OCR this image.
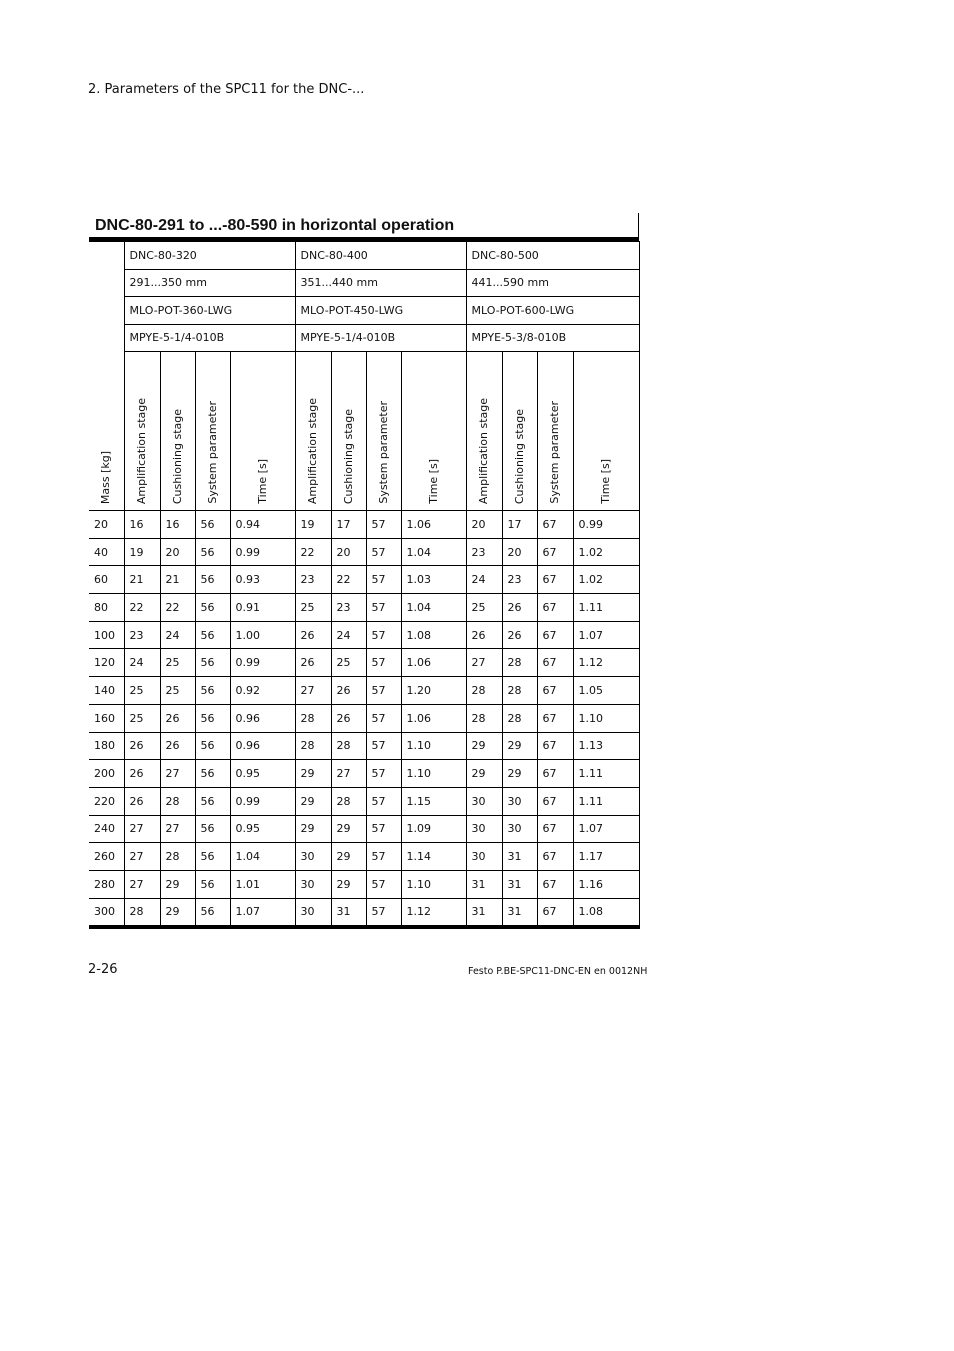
2. Parameters of the SPC11 for the DNC-...
DNC-80-291 to ...-80-590 in horizontal operation
Mass [kg]	DNC-80-320				DNC-80-400				DNC-80-500			
	291...350 mm				351...440 mm				441...590 mm			
	MLO-POT-360-LWG				MLO-POT-450-LWG				MLO-POT-600-LWG			
	MPYE-5-1/4-010B				MPYE-5-1/4-010B				MPYE-5-3/8-010B			

	Amplification stage	Cushioning stage	System parameter	Time [s]	Amplification stage	Cushioning stage	System parameter	Time [s]	Amplification stage	Cushioning stage	System parameter	Time [s]

20	16	16	56	0.94	19	17	57	1.06	20	17	67	0.99
40	19	20	56	0.99	22	20	57	1.04	23	20	67	1.02
60	21	21	56	0.93	23	22	57	1.03	24	23	67	1.02
80	22	22	56	0.91	25	23	57	1.04	25	26	67	1.11
100	23	24	56	1.00	26	24	57	1.08	26	26	67	1.07
120	24	25	56	0.99	26	25	57	1.06	27	28	67	1.12
140	25	25	56	0.92	27	26	57	1.20	28	28	67	1.05
160	25	26	56	0.96	28	26	57	1.06	28	28	67	1.10
180	26	26	56	0.96	28	28	57	1.10	29	29	67	1.13
200	26	27	56	0.95	29	27	57	1.10	29	29	67	1.11
220	26	28	56	0.99	29	28	57	1.15	30	30	67	1.11
240	27	27	56	0.95	29	29	57	1.09	30	30	67	1.07
260	27	28	56	1.04	30	29	57	1.14	30	31	67	1.17
280	27	29	56	1.01	30	29	57	1.10	31	31	67	1.16
300	28	29	56	1.07	30	31	57	1.12	31	31	67	1.08
2-26	Festo P.BE-SPC11-DNC-EN en 0012NH
